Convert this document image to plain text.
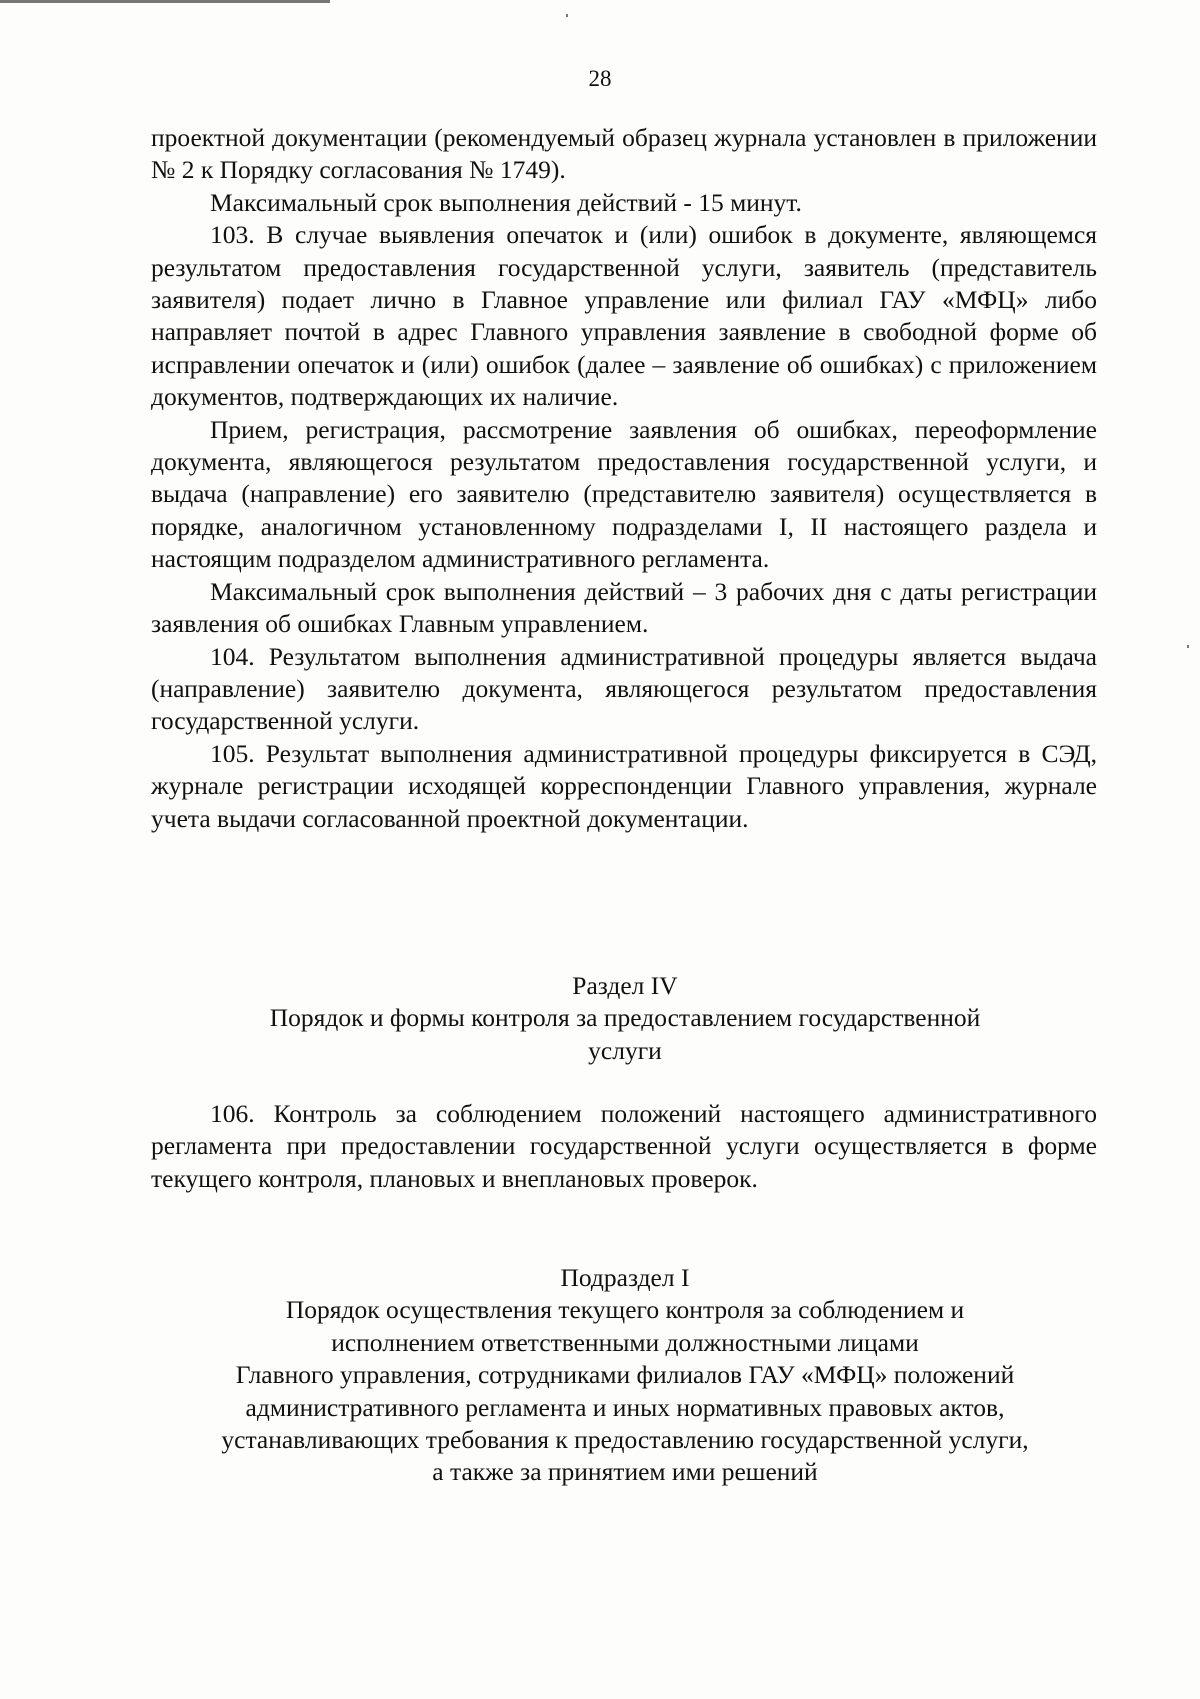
28

проектной документации (рекомендуемый образец журнала установлен в приложении № 2 к Порядку согласования № 1749).

Максимальный срок выполнения действий - 15 минут.

103. В случае выявления опечаток и (или) ошибок в документе, являющемся результатом предоставления государственной услуги, заявитель (представитель заявителя) подает лично в Главное управление или филиал ГАУ «МФЦ» либо направляет почтой в адрес Главного управления заявление в свободной форме об исправлении опечаток и (или) ошибок (далее – заявление об ошибках) с приложением документов, подтверждающих их наличие.

Прием, регистрация, рассмотрение заявления об ошибках, переоформление документа, являющегося результатом предоставления государственной услуги, и выдача (направление) его заявителю (представителю заявителя) осуществляется в порядке, аналогичном установленному подразделами I, II настоящего раздела и настоящим подразделом административного регламента.

Максимальный срок выполнения действий – 3 рабочих дня с даты регистрации заявления об ошибках Главным управлением.

104. Результатом выполнения административной процедуры является выдача (направление) заявителю документа, являющегося результатом предоставления государственной услуги.

105. Результат выполнения административной процедуры фиксируется в СЭД, журнале регистрации исходящей корреспонденции Главного управления, журнале учета выдачи согласованной проектной документации.

Раздел IV
Порядок и формы контроля за предоставлением государственной
услуги

106. Контроль за соблюдением положений настоящего административного регламента при предоставлении государственной услуги осуществляется в форме текущего контроля, плановых и внеплановых проверок.

Подраздел I
Порядок осуществления текущего контроля за соблюдением и
исполнением ответственными должностными лицами
Главного управления, сотрудниками филиалов ГАУ «МФЦ» положений
административного регламента и иных нормативных правовых актов,
устанавливающих требования к предоставлению государственной услуги,
а также за принятием ими решений
